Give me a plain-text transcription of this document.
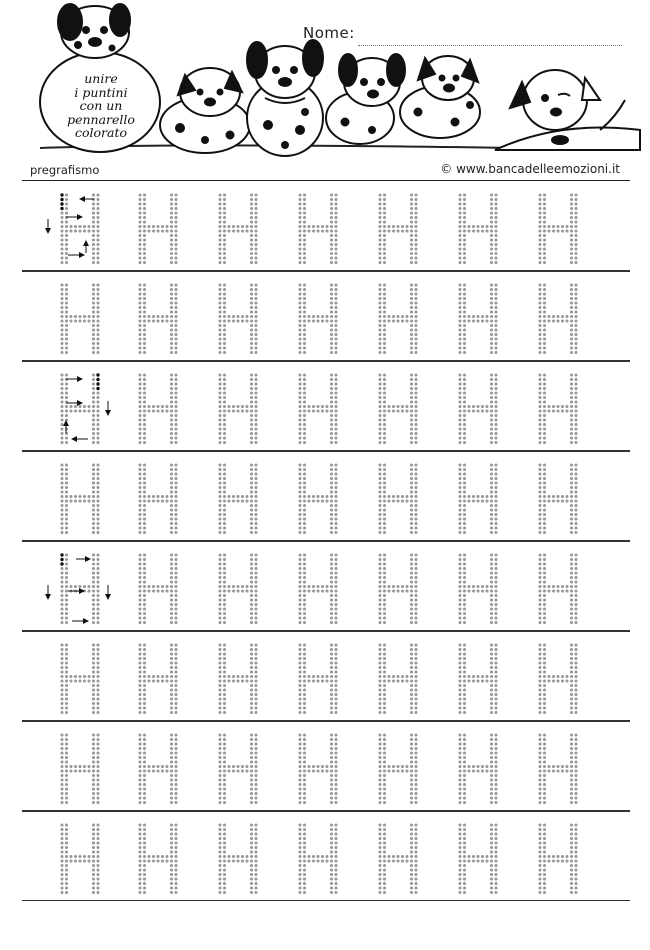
Nome:
unire
i puntini
con un
pennarello
colorato
pregrafismo	© www.bancadelleemozioni.it
